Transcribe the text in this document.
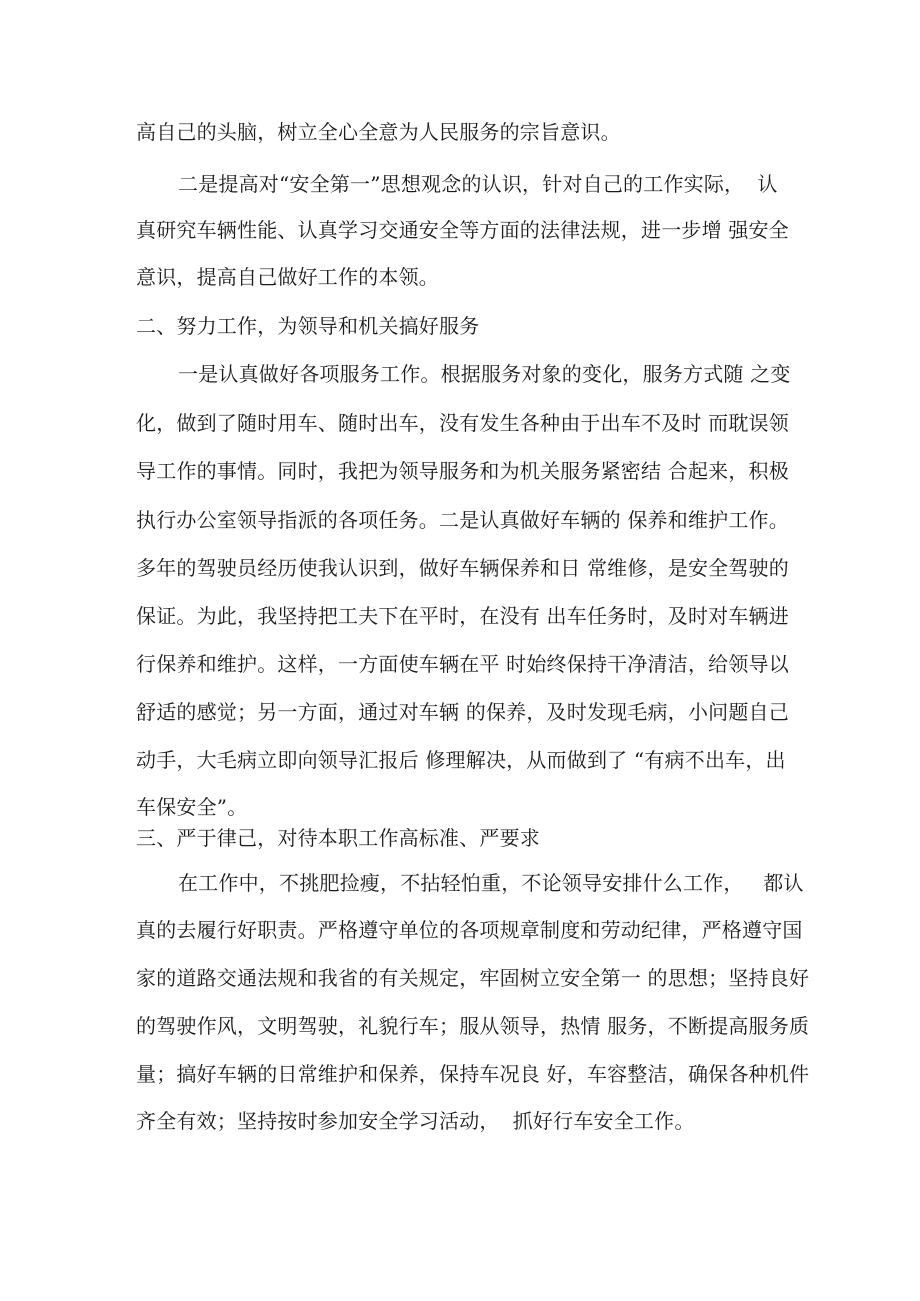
高自己的头脑，树立全心全意为人民服务的宗旨意识。
二是提高对“安全第一”思想观念的认识，针对自己的工作实际，  认
真研究车辆性能、认真学习交通安全等方面的法律法规，进一步增 强安全
意识，提高自己做好工作的本领。
二、努力工作，为领导和机关搞好服务
一是认真做好各项服务工作。根据服务对象的变化，服务方式随 之变
化，做到了随时用车、随时出车，没有发生各种由于出车不及时 而耽误领
导工作的事情。同时，我把为领导服务和为机关服务紧密结 合起来，积极
执行办公室领导指派的各项任务。二是认真做好车辆的 保养和维护工作。
多年的驾驶员经历使我认识到，做好车辆保养和日 常维修，是安全驾驶的
保证。为此，我坚持把工夫下在平时，在没有 出车任务时，及时对车辆进
行保养和维护。这样，一方面使车辆在平 时始终保持干净清洁，给领导以
舒适的感觉；另一方面，通过对车辆 的保养，及时发现毛病，小问题自己
动手，大毛病立即向领导汇报后 修理解决，从而做到了 “有病不出车，出
车保安全”。
三、严于律己，对待本职工作高标准、严要求
在工作中，不挑肥捡瘦，不拈轻怕重，不论领导安排什么工作，   都认
真的去履行好职责。严格遵守单位的各项规章制度和劳动纪律，严格遵守国
家的道路交通法规和我省的有关规定，牢固树立安全第一 的思想；坚持良好
的驾驶作风，文明驾驶，礼貌行车；服从领导，热情 服务，不断提高服务质
量；搞好车辆的日常维护和保养，保持车况良 好，车容整洁，确保各种机件
齐全有效；坚持按时参加安全学习活动，  抓好行车安全工作。
